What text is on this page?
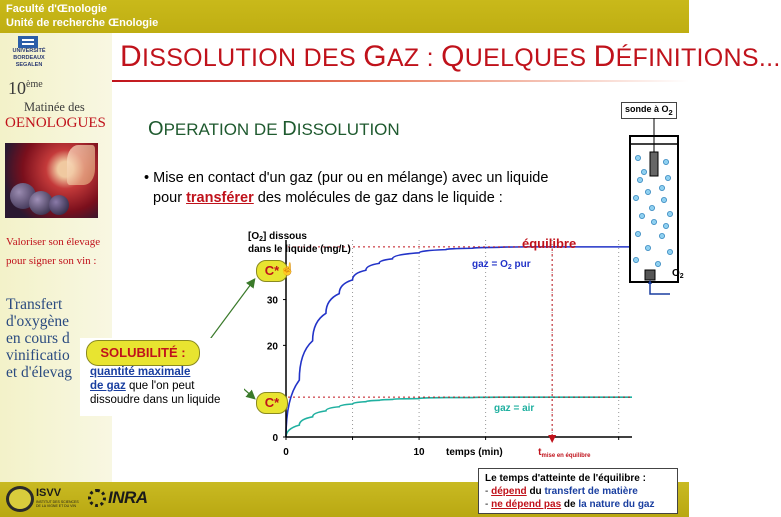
Faculté d'Œnologie
Unité de recherche Œnologie
UNIVERSITÉ BORDEAUX SEGALEN
10ème
Matinée des
OENOLOGUES
Valoriser son élevage
pour signer son vin :
Transfert
d'oxygène
en cours d
vinificatio
et d'élevag
ISVV
INSTITUT DES SCIENCES DE LA VIGNE ET DU VIN	INRA
DISSOLUTION DES GAZ : QUELQUES DÉFINITIONS...
OPERATION DE DISSOLUTION
• Mise en contact d'un gaz (pur ou en mélange) avec un liquide
pour transférer des molécules de gaz dans le liquide :
0
20
30
0	10
$[O_2]$ dissous
dans le liquide (mg/L)
temps (min)	$t_{mise en équilibre}$
gaz = $O_2$ pur
gaz = air
équilibre
C* ☝
C*
SOLUBILITÉ :
quantité maximale
de gaz que l'on peut
dissoudre dans un liquide
sonde à $O_2$
$O_2$
Le temps d'atteinte de l'équilibre :
- dépend du transfert de matière
- ne dépend pas de la nature du gaz
